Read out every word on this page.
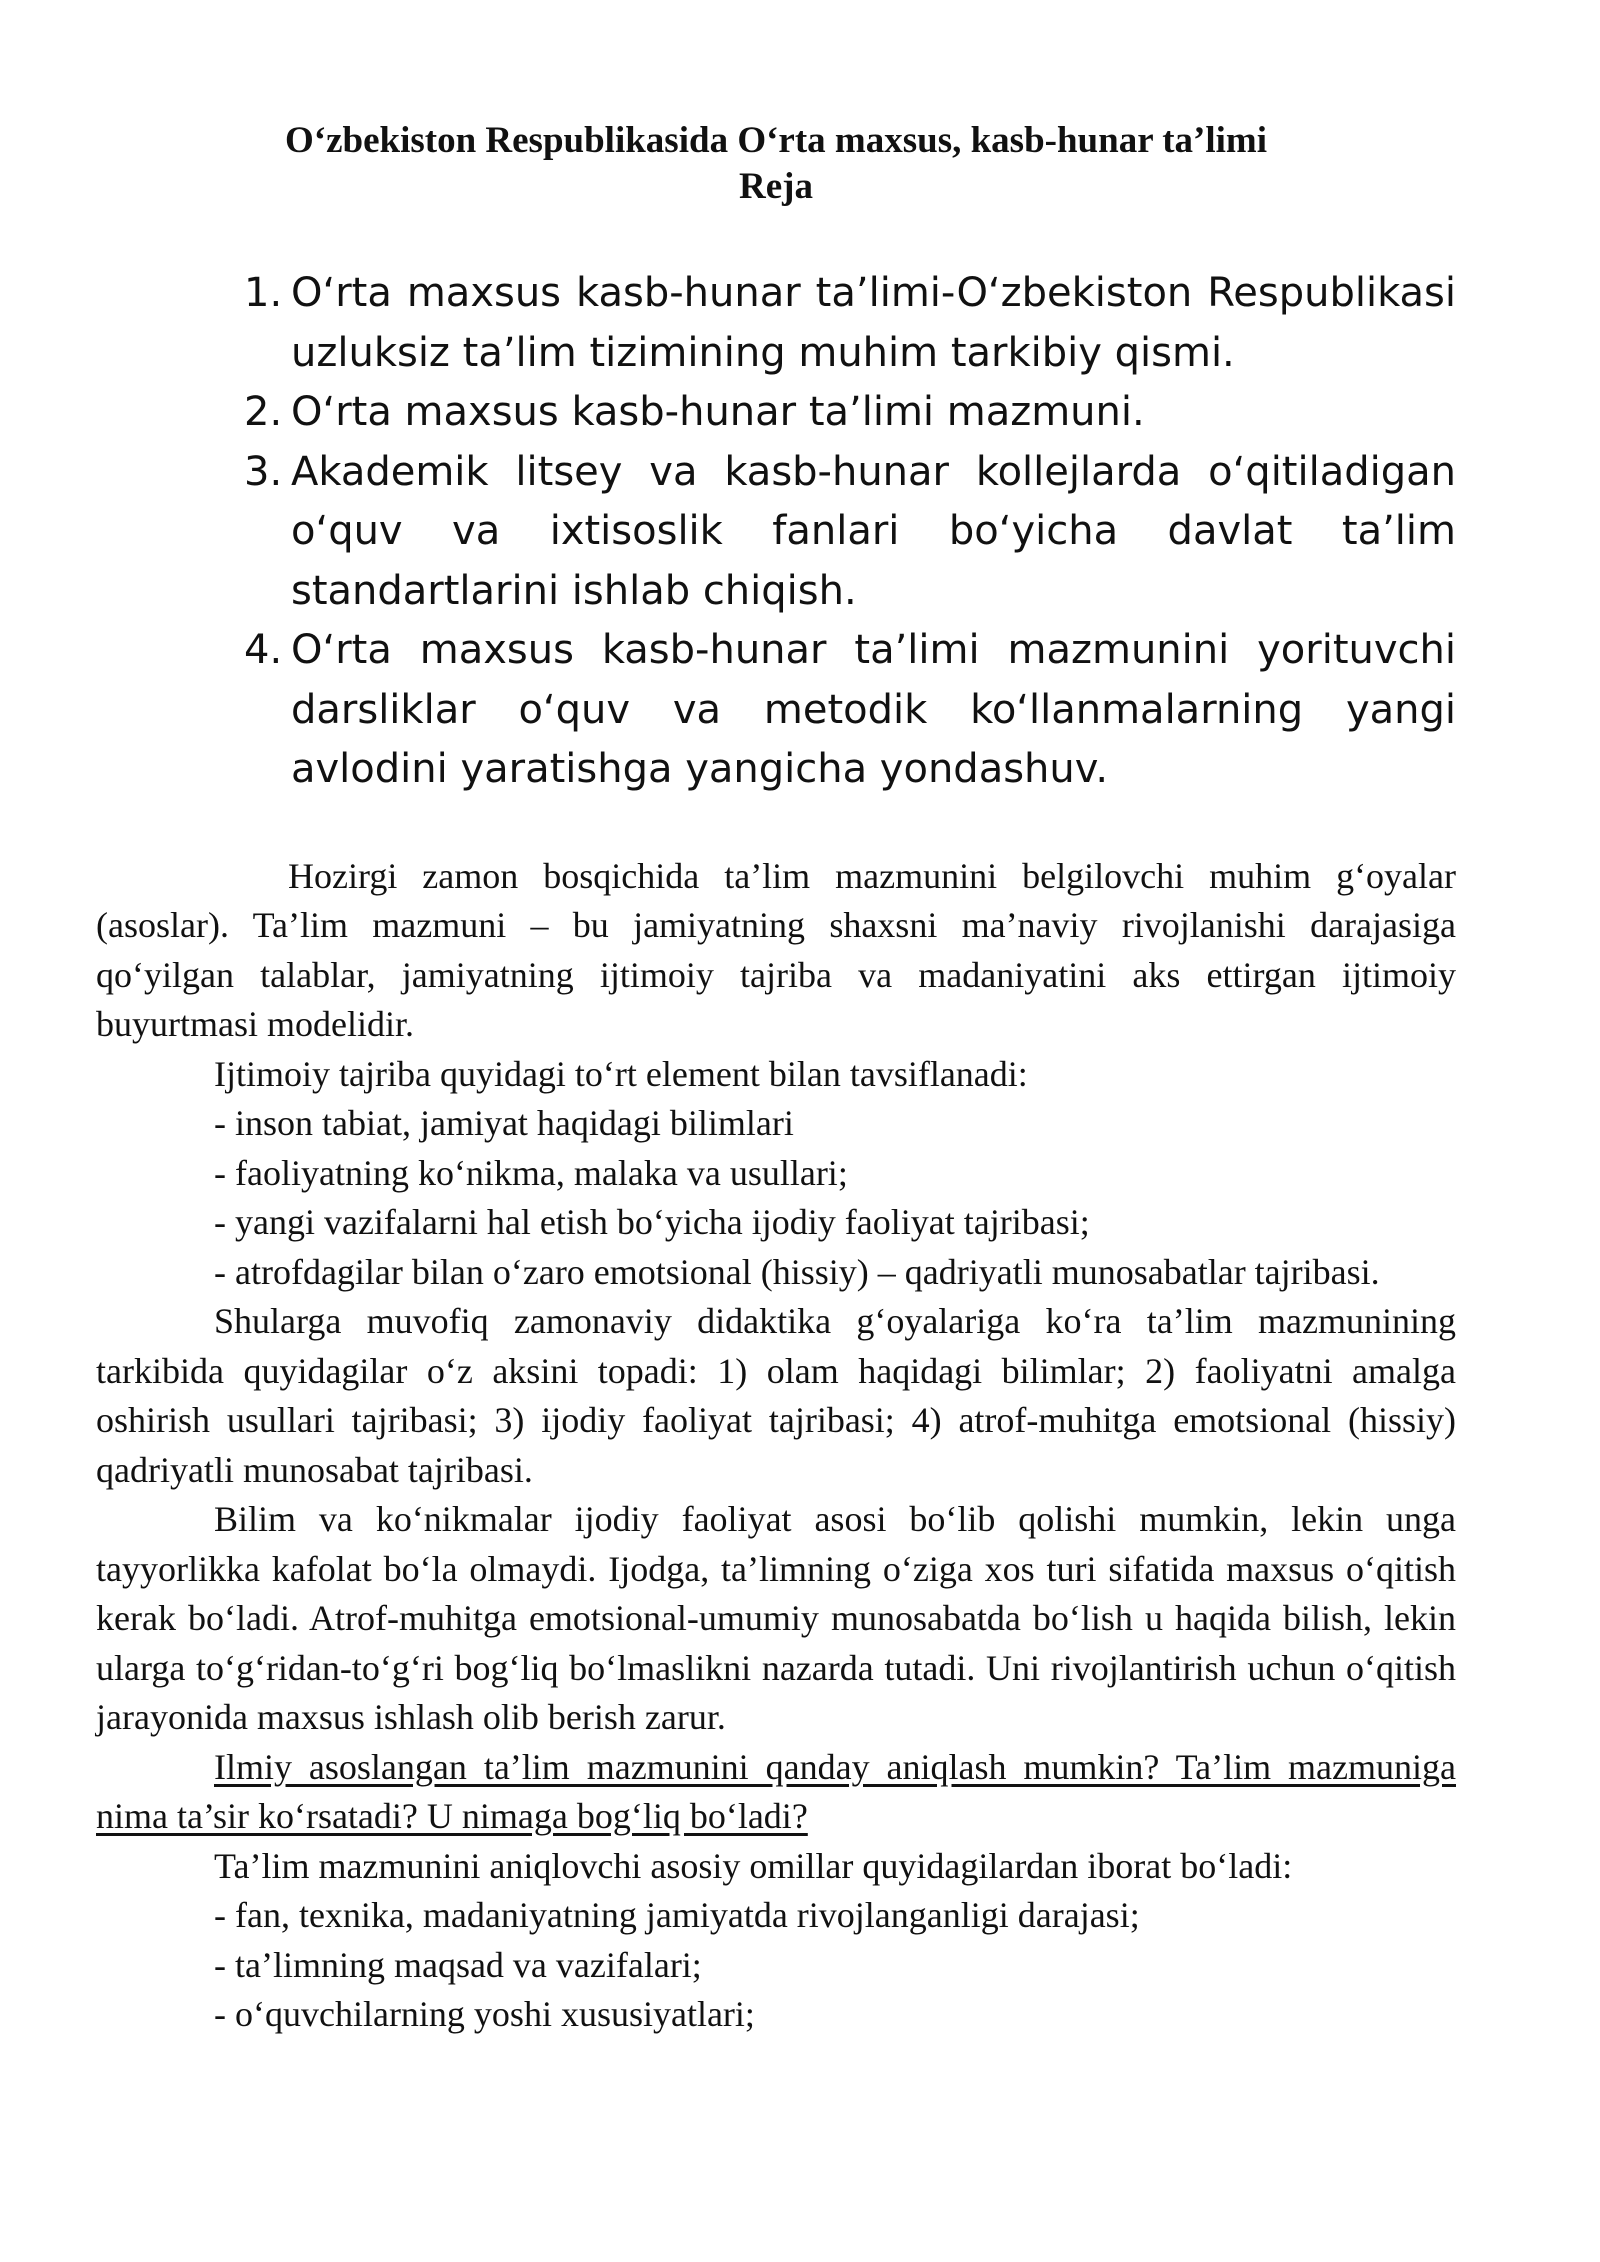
O‘zbekiston Respublikasida O‘rta maxsus, kasb-hunar ta’limi
Reja
1. O‘rta maxsus kasb-hunar ta’limi-O‘zbekiston Respublikasi uzluksiz ta’lim tizimining muhim tarkibiy qismi.
2. O‘rta maxsus kasb-hunar ta’limi mazmuni.
3. Akademik litsey va kasb-hunar kollejlarda o‘qitiladigan o‘quv va ixtisoslik fanlari bo‘yicha davlat ta’lim standartlarini ishlab chiqish.
4. O‘rta maxsus kasb-hunar ta’limi mazmunini yorituvchi darsliklar o‘quv va metodik ko‘llanmalarning yangi avlodini yaratishga yangicha yondashuv.

Hozirgi zamon bosqichida ta’lim mazmunini belgilovchi muhim g‘oyalar (asoslar). Ta’lim mazmuni – bu jamiyatning shaxsni ma’naviy rivojlanishi darajasiga qo‘yilgan talablar, jamiyatning ijtimoiy tajriba va madaniyatini aks ettirgan ijtimoiy buyurtmasi modelidir.

Ijtimoiy tajriba quyidagi to‘rt element bilan tavsiflanadi:

- inson tabiat, jamiyat haqidagi bilimlari

- faoliyatning ko‘nikma, malaka va usullari;

- yangi vazifalarni hal etish bo‘yicha ijodiy faoliyat tajribasi;

- atrofdagilar bilan o‘zaro emotsional (hissiy) – qadriyatli munosabatlar tajribasi.

Shularga muvofiq zamonaviy didaktika g‘oyalariga ko‘ra ta’lim mazmunining tarkibida quyidagilar o‘z aksini topadi: 1) olam haqidagi bilimlar; 2) faoliyatni amalga oshirish usullari tajribasi; 3) ijodiy faoliyat tajribasi; 4) atrof-muhitga emotsional (hissiy) qadriyatli munosabat tajribasi.

Bilim va ko‘nikmalar ijodiy faoliyat asosi bo‘lib qolishi mumkin, lekin unga tayyorlikka kafolat bo‘la olmaydi. Ijodga, ta’limning o‘ziga xos turi sifatida maxsus o‘qitish kerak bo‘ladi. Atrof-muhitga emotsional-umumiy munosabatda bo‘lish u haqida bilish, lekin ularga to‘g‘ridan-to‘g‘ri bog‘liq bo‘lmaslikni nazarda tutadi. Uni rivojlantirish uchun o‘qitish jarayonida maxsus ishlash olib berish zarur.

Ilmiy asoslangan ta’lim mazmunini qanday aniqlash mumkin? Ta’lim mazmuniga nima ta’sir ko‘rsatadi? U nimaga bog‘liq bo‘ladi?

Ta’lim mazmunini aniqlovchi asosiy omillar quyidagilardan iborat bo‘ladi:

- fan, texnika, madaniyatning jamiyatda rivojlanganligi darajasi;

- ta’limning maqsad va vazifalari;

- o‘quvchilarning yoshi xususiyatlari;
